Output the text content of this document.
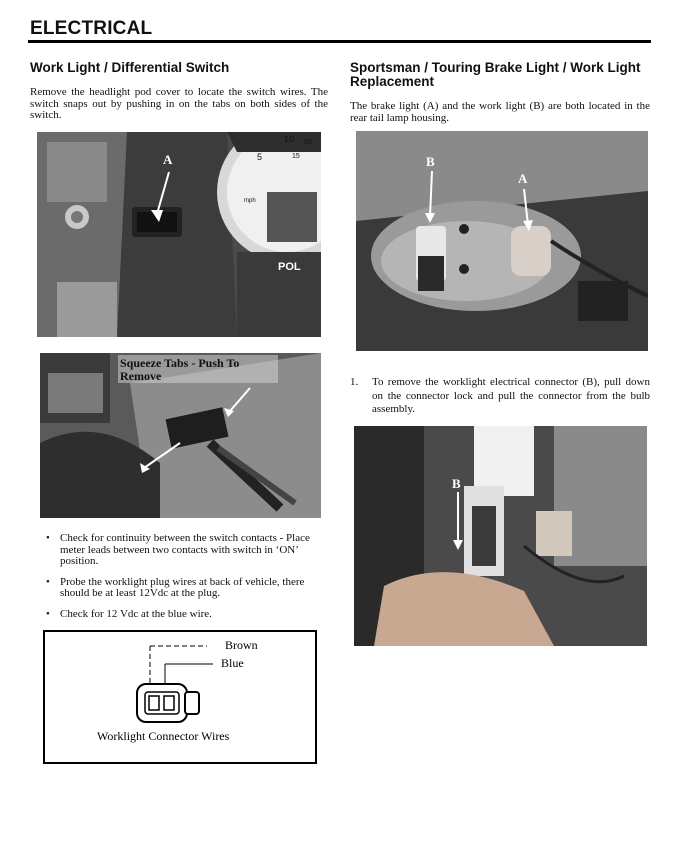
ELECTRICAL
Work Light / Differential Switch
Remove the headlight pod cover to locate the switch wires. The switch snaps out by pushing in on the tabs on both sides of the switch.
A
POL
mph
10
5	15
20
Squeeze Tabs - Push To
Remove
• Check for continuity between the switch contacts - Place meter leads between two contacts with switch in ‘ON’ position.
• Probe the worklight plug wires at back of vehicle, there should be at least 12Vdc at the plug.
• Check for 12 Vdc at the blue wire.
Brown
Blue
Worklight Connector Wires
Sportsman / Touring Brake Light / Work Light Replacement
The brake light (A) and the work light (B) are both located in the rear tail lamp housing.
B
A
1. To remove the worklight electrical connector (B), pull down on the connector lock and pull the connector from the bulb assembly.
B
